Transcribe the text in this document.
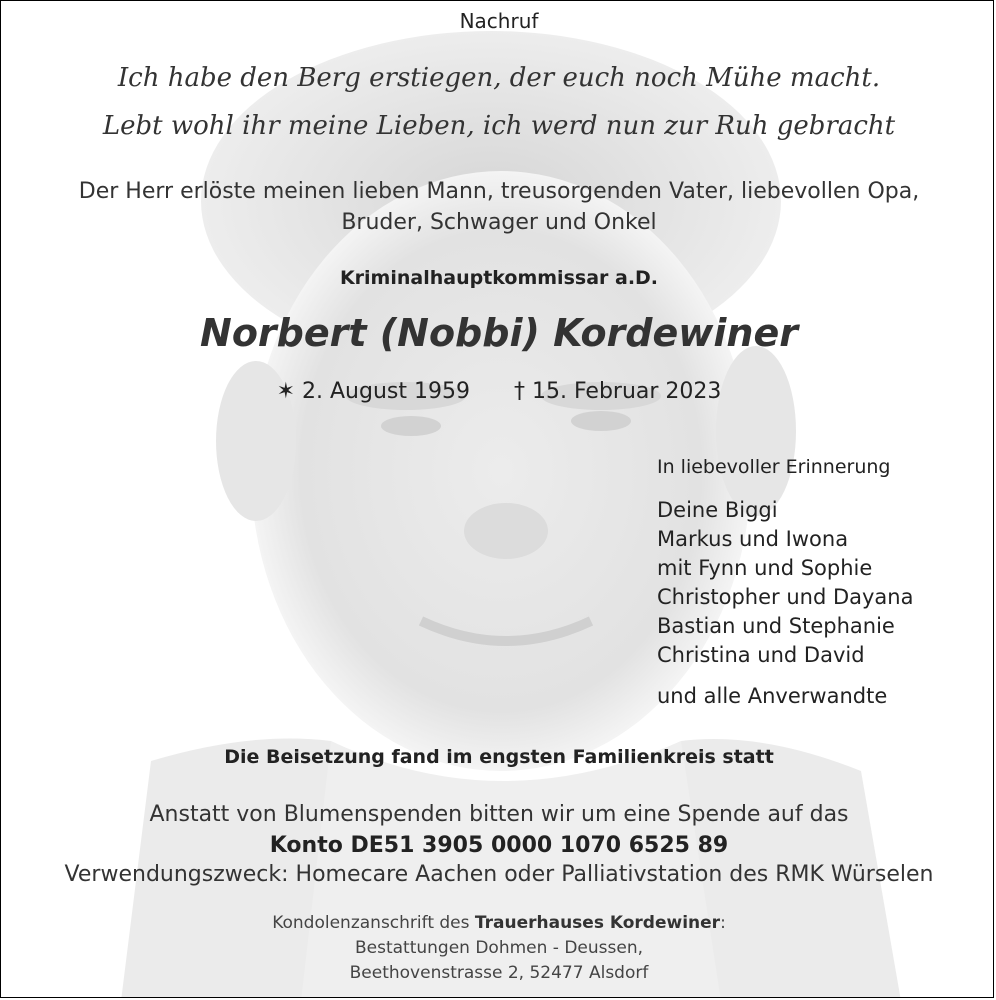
Nachruf
Ich habe den Berg erstiegen, der euch noch Mühe macht.
Lebt wohl ihr meine Lieben, ich werd nun zur Ruh gebracht
Der Herr erlöste meinen lieben Mann, treusorgenden Vater, liebevollen Opa,
Bruder, Schwager und Onkel
Kriminalhauptkommissar a.D.
Norbert (Nobbi) Kordewiner
✶ 2. August 1959 † 15. Februar 2023
In liebevoller Erinnerung
Deine Biggi
Markus und Iwona
mit Fynn und Sophie
Christopher und Dayana
Bastian und Stephanie
Christina und David
und alle Anverwandte
Die Beisetzung fand im engsten Familienkreis statt
Anstatt von Blumenspenden bitten wir um eine Spende auf das
Konto DE51 3905 0000 1070 6525 89
Verwendungszweck: Homecare Aachen oder Palliativstation des RMK Würselen
Kondolenzanschrift des Trauerhauses Kordewiner:
Bestattungen Dohmen - Deussen,
Beethovenstrasse 2, 52477 Alsdorf
